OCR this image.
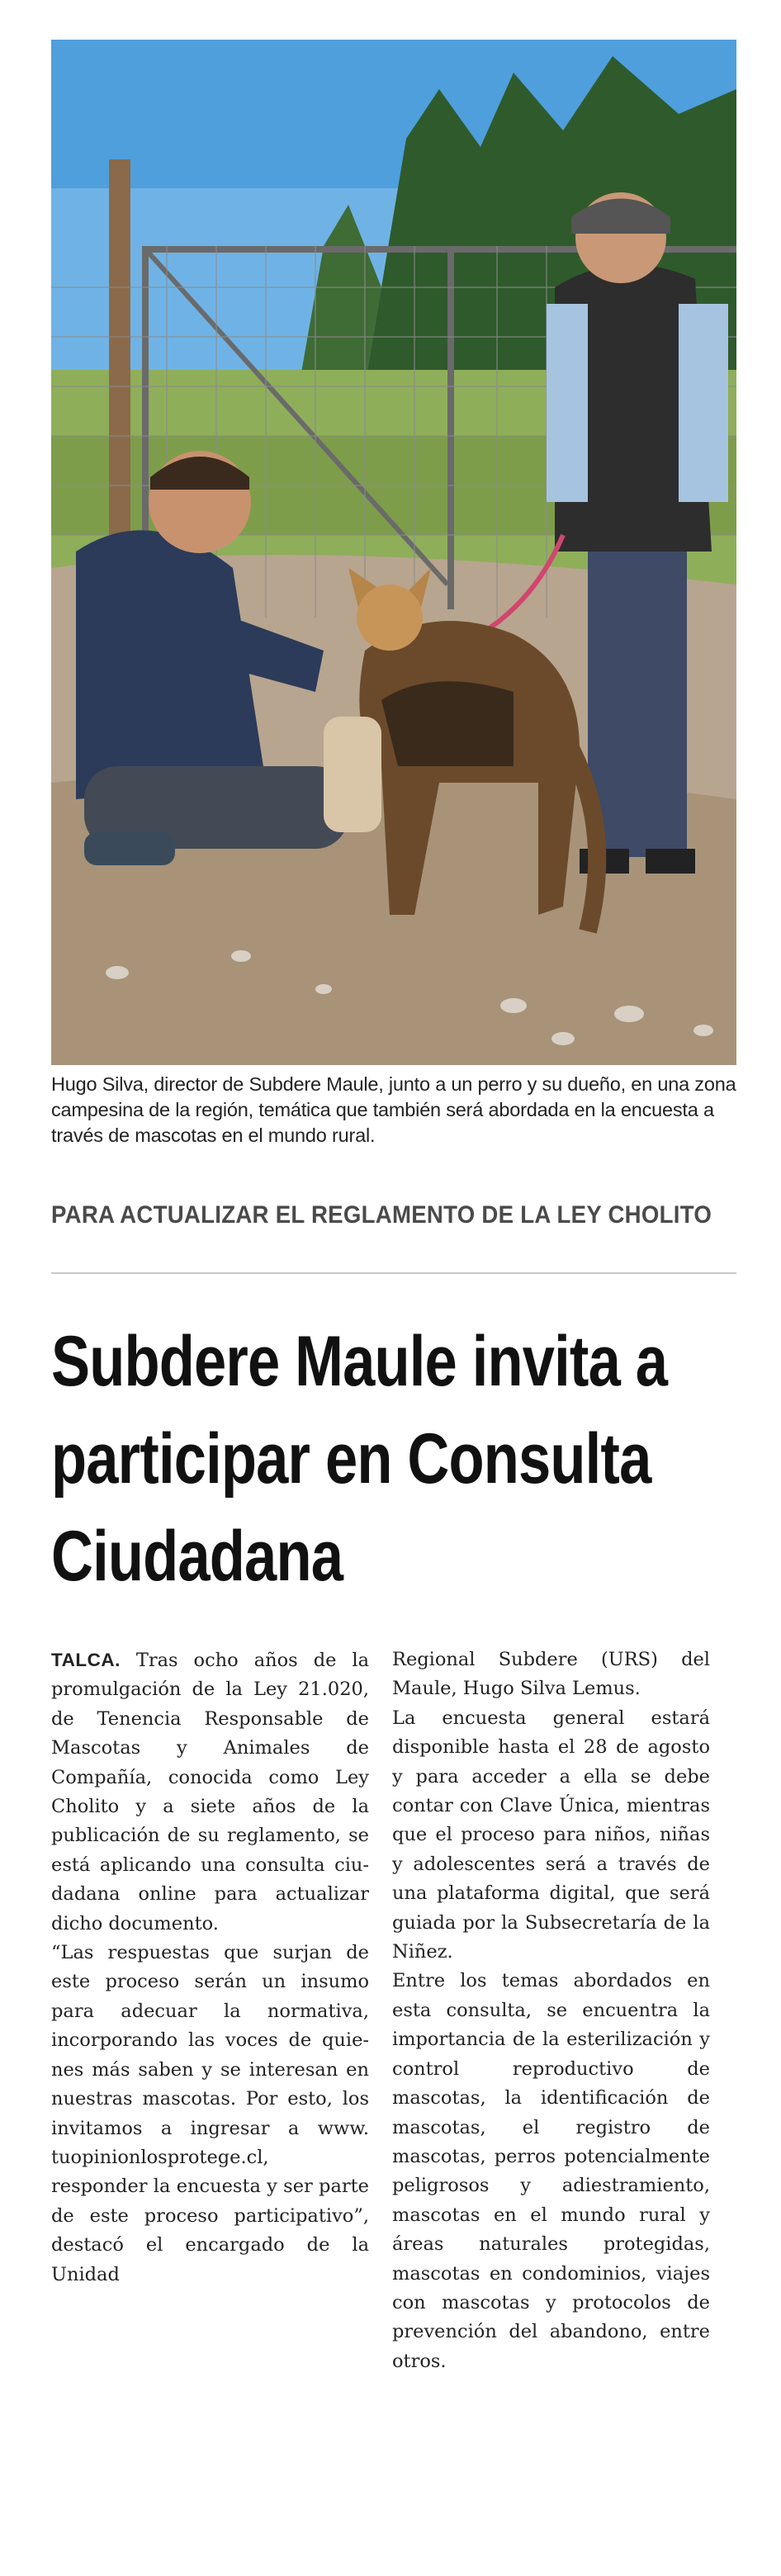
Hugo Silva, director de Subdere Maule, junto a un perro y su dueño, en una zona campesina de la región, temática que también será abordada en la encuesta a través de mascotas en el mundo rural.
PARA ACTUALIZAR EL REGLAMENTO DE LA LEY CHOLITO
Subdere Maule invita a
participar en Consulta
Ciudadana

TALCA. Tras ocho años de la promulgación de la Ley 21.020, de Tenencia Responsable de Mascotas y Animales de Compañía, conocida como Ley Cholito y a siete años de la publicación de su reglamento, se está aplicando una consulta ciudadana online para actualizar dicho documento.

“Las respuestas que surjan de este proceso serán un insumo para adecuar la normativa, incorporando las voces de quienes más saben y se interesan en nuestras mascotas. Por esto, los invitamos a ingresar a www. tuopinionlosprotege.cl, responder la encuesta y ser parte de este proceso participativo”, destacó el encargado de la Unidad

Regional Subdere (URS) del Maule, Hugo Silva Lemus.

La encuesta general estará disponible hasta el 28 de agosto y para acceder a ella se debe contar con Clave Única, mientras que el proceso para niños, niñas y adolescentes será a través de una plataforma digital, que será guiada por la Subsecretaría de la Niñez.

Entre los temas abordados en esta consulta, se encuentra la importancia de la esterilización y control reproductivo de mascotas, la identificación de mascotas, el registro de mascotas, perros potencialmente peligrosos y adiestramiento, mascotas en el mundo rural y áreas naturales protegidas, mascotas en condominios, viajes con mascotas y protocolos de prevención del abandono, entre otros.
